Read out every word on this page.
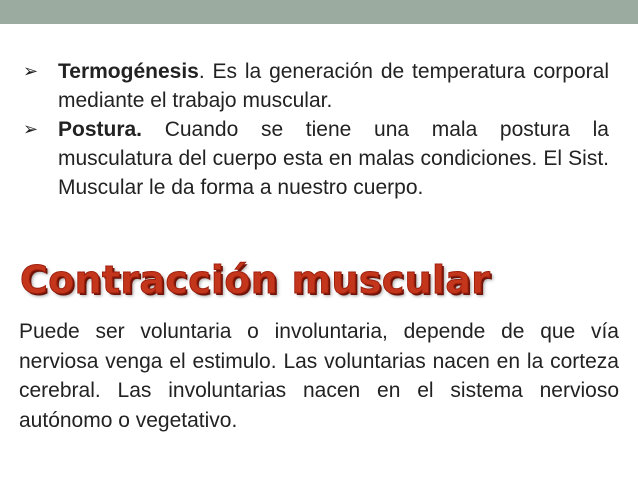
➢ Termogénesis. Es la generación de temperatura corporal mediante el trabajo muscular.
➢ Postura. Cuando se tiene una mala postura la musculatura del cuerpo esta en malas condiciones. El Sist. Muscular le da forma a nuestro cuerpo.
Contracción muscular

Puede ser voluntaria o involuntaria, depende de que vía nerviosa venga el estimulo. Las voluntarias nacen en la corteza cerebral. Las involuntarias nacen en el sistema nervioso autónomo o vegetativo.
